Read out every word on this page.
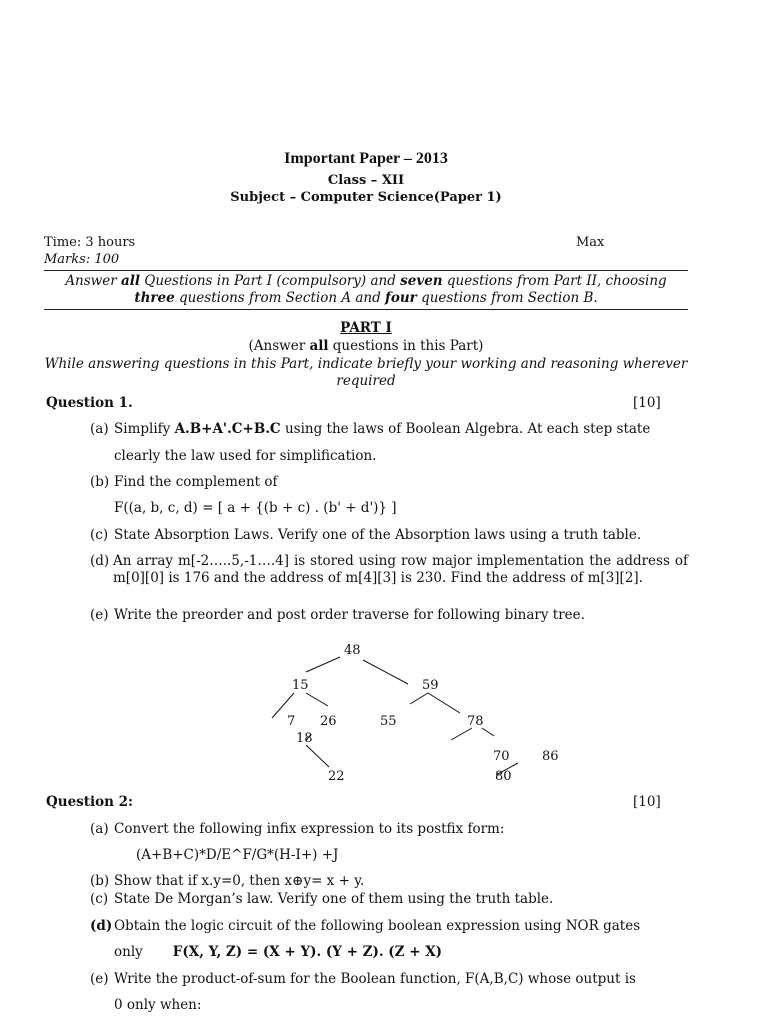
Important Paper – 2013
Class – XII
Subject – Computer Science(Paper 1)
Time: 3 hours	Max
Marks: 100
Answer all Questions in Part I (compulsory) and seven questions from Part II, choosing
three questions from Section A and four questions from Section B.
PART I
(Answer all questions in this Part)
While answering questions in this Part, indicate briefly your working and reasoning wherever required
Question 1.	[10]
(a) Simplify A.B+A'.C+B.C using the laws of Boolean Algebra. At each step state
clearly the law used for simplification.
(b) Find the complement of
F((a, b, c, d) = [ a + {(b + c) . (b' + d')} ]
(c) State Absorption Laws. Verify one of the Absorption laws using a truth table.
(d) An array m[-2…..5,-1….4] is stored using row major implementation the address of m[0][0] is 176 and the address of m[4][3] is 230. Find the address of m[3][2].
(e) Write the preorder and post order traverse for following binary tree.
48
15	59
7 26	55	78
18
22
70 86
80
Question 2:	[10]
(a) Convert the following infix expression to its postfix form:
(A+B+C)*D/E^F/G*(H-I+) +J
(b) Show that if x.y=0, then x⊕y= x + y.
(c) State De Morgan’s law. Verify one of them using the truth table.
(d) Obtain the logic circuit of the following boolean expression using NOR gates
only F(X, Y, Z) = (X + Y). (Y + Z). (Z + X)
(e) Write the product-of-sum for the Boolean function, F(A,B,C) whose output is
0 only when:
